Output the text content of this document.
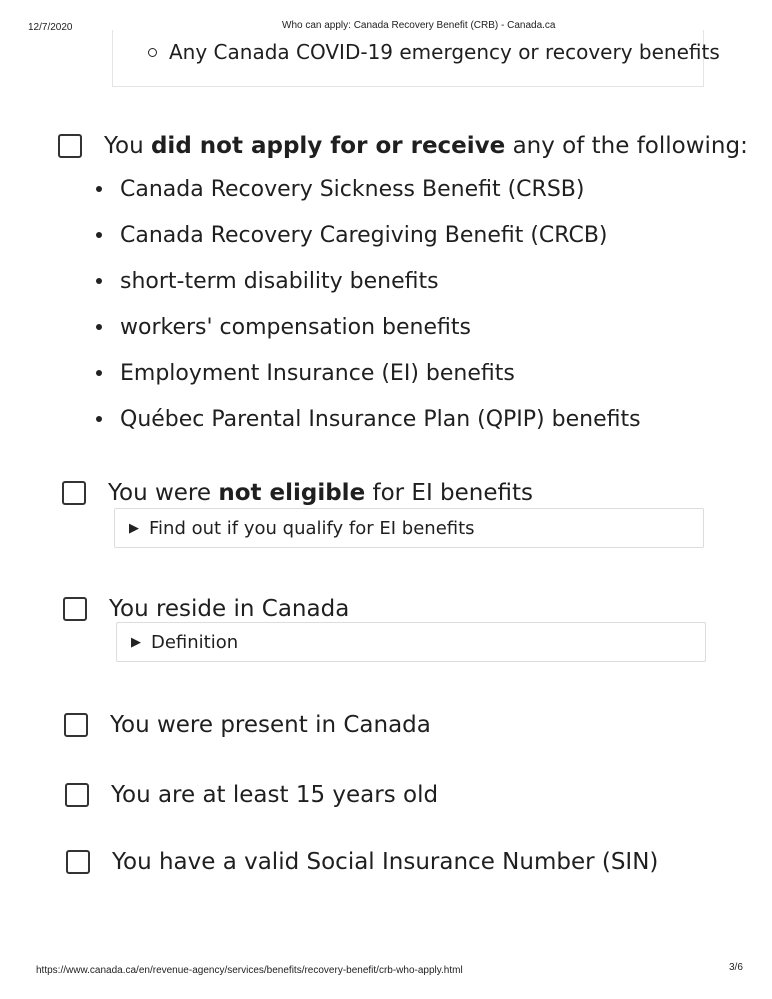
12/7/2020	Who can apply: Canada Recovery Benefit (CRB) - Canada.ca
Any Canada COVID-19 emergency or recovery benefits
You did not apply for or receive any of the following:
Canada Recovery Sickness Benefit (CRSB)
Canada Recovery Caregiving Benefit (CRCB)
short-term disability benefits
workers' compensation benefits
Employment Insurance (EI) benefits
Québec Parental Insurance Plan (QPIP) benefits
You were not eligible for EI benefits
▶ Find out if you qualify for EI benefits
You reside in Canada
▶ Definition
You were present in Canada
You are at least 15 years old
You have a valid Social Insurance Number (SIN)
https://www.canada.ca/en/revenue-agency/services/benefits/recovery-benefit/crb-who-apply.html	3/6
